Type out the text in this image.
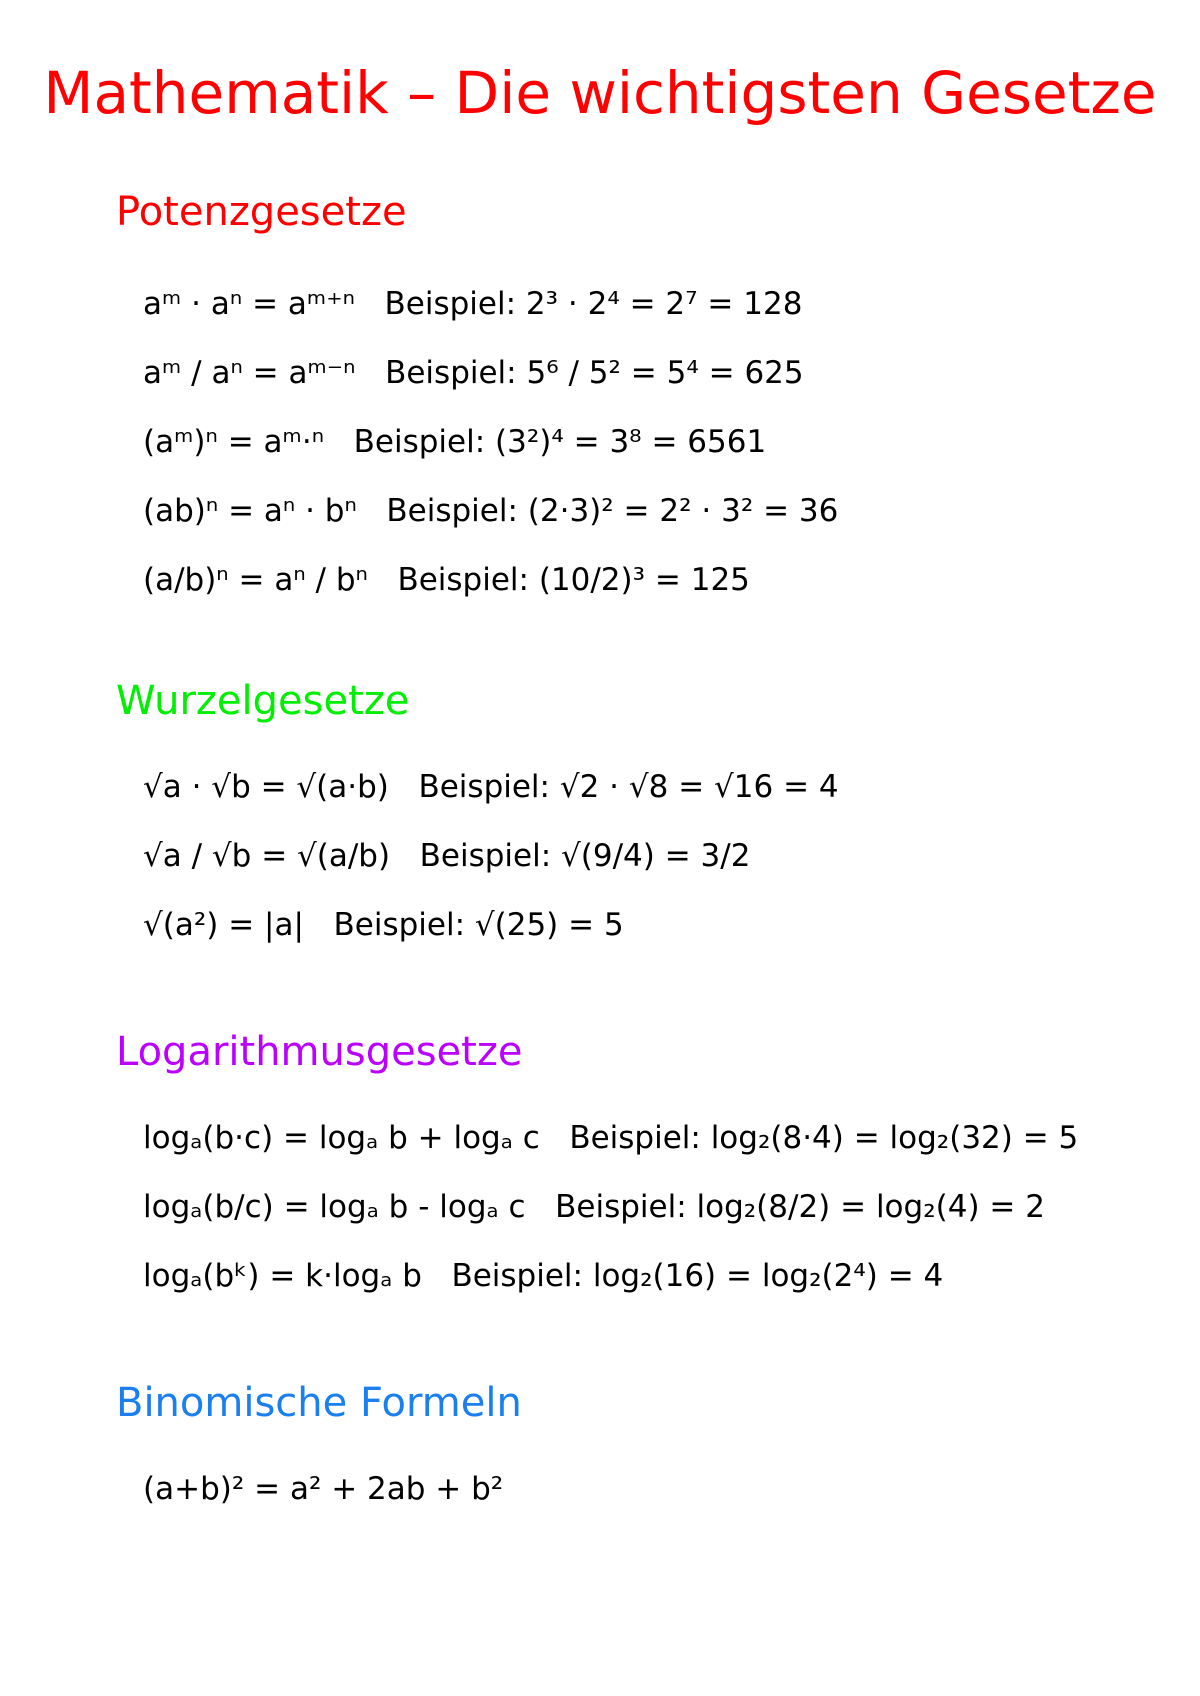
Mathematik – Die wichtigsten Gesetze
Potenzgesetze
aᵐ · aⁿ = aᵐ⁺ⁿ Beispiel: 2³ · 2⁴ = 2⁷ = 128
aᵐ / aⁿ = aᵐ⁻ⁿ Beispiel: 5⁶ / 5² = 5⁴ = 625
(aᵐ)ⁿ = aᵐ·ⁿ Beispiel: (3²)⁴ = 3⁸ = 6561
(ab)ⁿ = aⁿ · bⁿ Beispiel: (2·3)² = 2² · 3² = 36
(a/b)ⁿ = aⁿ / bⁿ Beispiel: (10/2)³ = 125
Wurzelgesetze
√a · √b = √(a·b) Beispiel: √2 · √8 = √16 = 4
√a / √b = √(a/b) Beispiel: √(9/4) = 3/2
√(a²) = |a| Beispiel: √(25) = 5
Logarithmusgesetze
logₐ(b·c) = logₐ b + logₐ c Beispiel: log₂(8·4) = log₂(32) = 5
logₐ(b/c) = logₐ b - logₐ c Beispiel: log₂(8/2) = log₂(4) = 2
logₐ(bᵏ) = k·logₐ b Beispiel: log₂(16) = log₂(2⁴) = 4
Binomische Formeln
(a+b)² = a² + 2ab + b²
